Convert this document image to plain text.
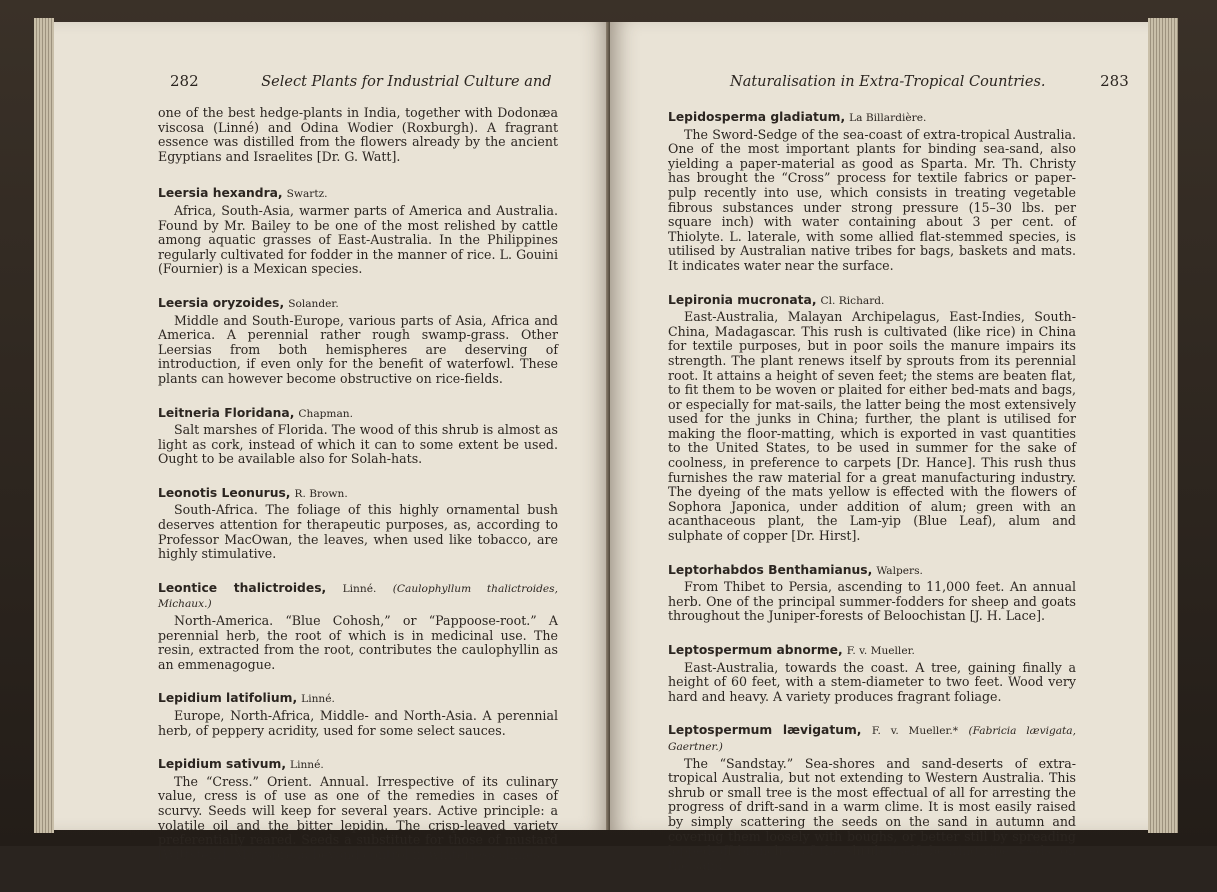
282	Select Plants for Industrial Culture and

one of the best hedge-plants in India, together with Dodonæa viscosa (Linné) and Odina Wodier (Roxburgh). A fragrant essence was distilled from the flowers already by the ancient Egyptians and Israelites [Dr. G. Watt].

Leersia hexandra, Swartz.

Africa, South-Asia, warmer parts of America and Australia. Found by Mr. Bailey to be one of the most relished by cattle among aquatic grasses of East-Australia. In the Philippines regularly cultivated for fodder in the manner of rice. L. Gouini (Fournier) is a Mexican species.

Leersia oryzoides, Solander.

Middle and South-Europe, various parts of Asia, Africa and America. A perennial rather rough swamp-grass. Other Leersias from both hemispheres are deserving of introduction, if even only for the benefit of waterfowl. These plants can however become obstructive on rice-fields.

Leitneria Floridana, Chapman.

Salt marshes of Florida. The wood of this shrub is almost as light as cork, instead of which it can to some extent be used. Ought to be available also for Solah-hats.

Leonotis Leonurus, R. Brown.

South-Africa. The foliage of this highly ornamental bush deserves attention for therapeutic purposes, as, according to Professor MacOwan, the leaves, when used like tobacco, are highly stimulative.

Leontice thalictroides, Linné. (Caulophyllum thalictroides, Michaux.)

North-America. “Blue Cohosh,” or “Pappoose-root.” A perennial herb, the root of which is in medicinal use. The resin, extracted from the root, contributes the caulophyllin as an emmenagogue.

Lepidium latifolium, Linné.

Europe, North-Africa, Middle- and North-Asia. A perennial herb, of peppery acridity, used for some select sauces.

Lepidium sativum, Linné.

The “Cress.” Orient. Annual. Irrespective of its culinary value, cress is of use as one of the remedies in cases of scurvy. Seeds will keep for several years. Active principle: a volatile oil and the bitter lepidin. The crisp-leaved variety preferentially reared. Seeds a substitute for those of mustard [Wittstein]. May spread beyond control in winterless climes.

Naturalisation in Extra-Tropical Countries.	283

Lepidosperma gladiatum, La Billardière.

The Sword-Sedge of the sea-coast of extra-tropical Australia. One of the most important plants for binding sea-sand, also yielding a paper-material as good as Sparta. Mr. Th. Christy has brought the “Cross” process for textile fabrics or paper-pulp recently into use, which consists in treating vegetable fibrous substances under strong pressure (15–30 lbs. per square inch) with water containing about 3 per cent. of Thiolyte. L. laterale, with some allied flat-stemmed species, is utilised by Australian native tribes for bags, baskets and mats. It indicates water near the surface.

Lepironia mucronata, Cl. Richard.

East-Australia, Malayan Archipelagus, East-Indies, South-China, Madagascar. This rush is cultivated (like rice) in China for textile purposes, but in poor soils the manure impairs its strength. The plant renews itself by sprouts from its perennial root. It attains a height of seven feet; the stems are beaten flat, to fit them to be woven or plaited for either bed-mats and bags, or especially for mat-sails, the latter being the most extensively used for the junks in China; further, the plant is utilised for making the floor-matting, which is exported in vast quantities to the United States, to be used in summer for the sake of coolness, in preference to carpets [Dr. Hance]. This rush thus furnishes the raw material for a great manufacturing industry. The dyeing of the mats yellow is effected with the flowers of Sophora Japonica, under addition of alum; green with an acanthaceous plant, the Lam-yip (Blue Leaf), alum and sulphate of copper [Dr. Hirst].

Leptorhabdos Benthamianus, Walpers.

From Thibet to Persia, ascending to 11,000 feet. An annual herb. One of the principal summer-fodders for sheep and goats throughout the Juniper-forests of Beloochistan [J. H. Lace].

Leptospermum abnorme, F. v. Mueller.

East-Australia, towards the coast. A tree, gaining finally a height of 60 feet, with a stem-diameter to two feet. Wood very hard and heavy. A variety produces fragrant foliage.

Leptospermum lævigatum, F. v. Mueller.* (Fabricia lævigata, Gaertner.)

The “Sandstay.” Sea-shores and sand-deserts of extra-tropical Australia, but not extending to Western Australia. This shrub or small tree is the most effectual of all for arresting the progress of drift-sand in a warm clime. It is most easily raised by simply scattering the seeds on the sand in autumn and covering them loosely with boughs, or better still by spreading lopped-off branches of the shrub itself, bearing ripe seeds, on the sand.
